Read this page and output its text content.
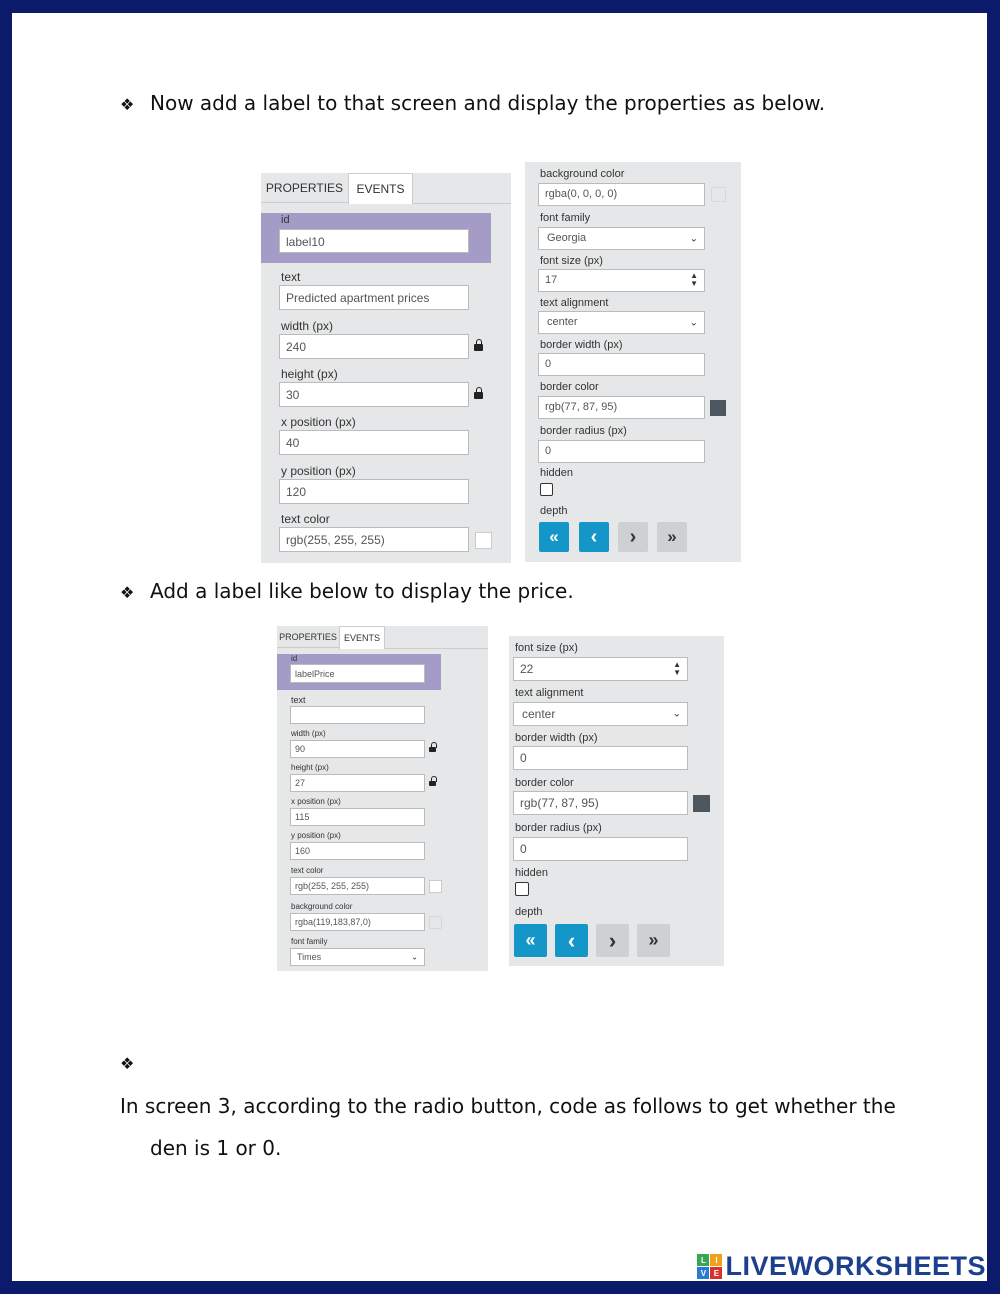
❖ Now add a label to that screen and display the properties as below.
PROPERTIES	EVENTS
id
label10
text
Predicted apartment prices
width (px)
240
height (px)
30
x position (px)
40
y position (px)
120
text color
rgb(255, 255, 255)
background color
rgba(0, 0, 0, 0)
font family
Georgia	⌄
font size (px)
17	▲
▼
text alignment
center	⌄
border width (px)
0
border color
rgb(77, 87, 95)
border radius (px)
0
hidden
depth
«	‹	›	»
❖ Add a label like below to display the price.
PROPERTIES EVENTS
id
labelPrice
text
width (px)
90
height (px)
27
x position (px)
115
y position (px)
160
text color
rgb(255, 255, 255)
background color
rgba(119,183,87,0)
font family
Times	⌄
font size (px)
22	▲
▼
text alignment
center	⌄
border width (px)
0
border color
rgb(77, 87, 95)
border radius (px)
0
hidden
depth
«	‹	›	»
❖In screen 3, according to the radio button, code as follows to get whether the
den is 1 or 0.
L	I
V E LIVEWORKSHEETS
